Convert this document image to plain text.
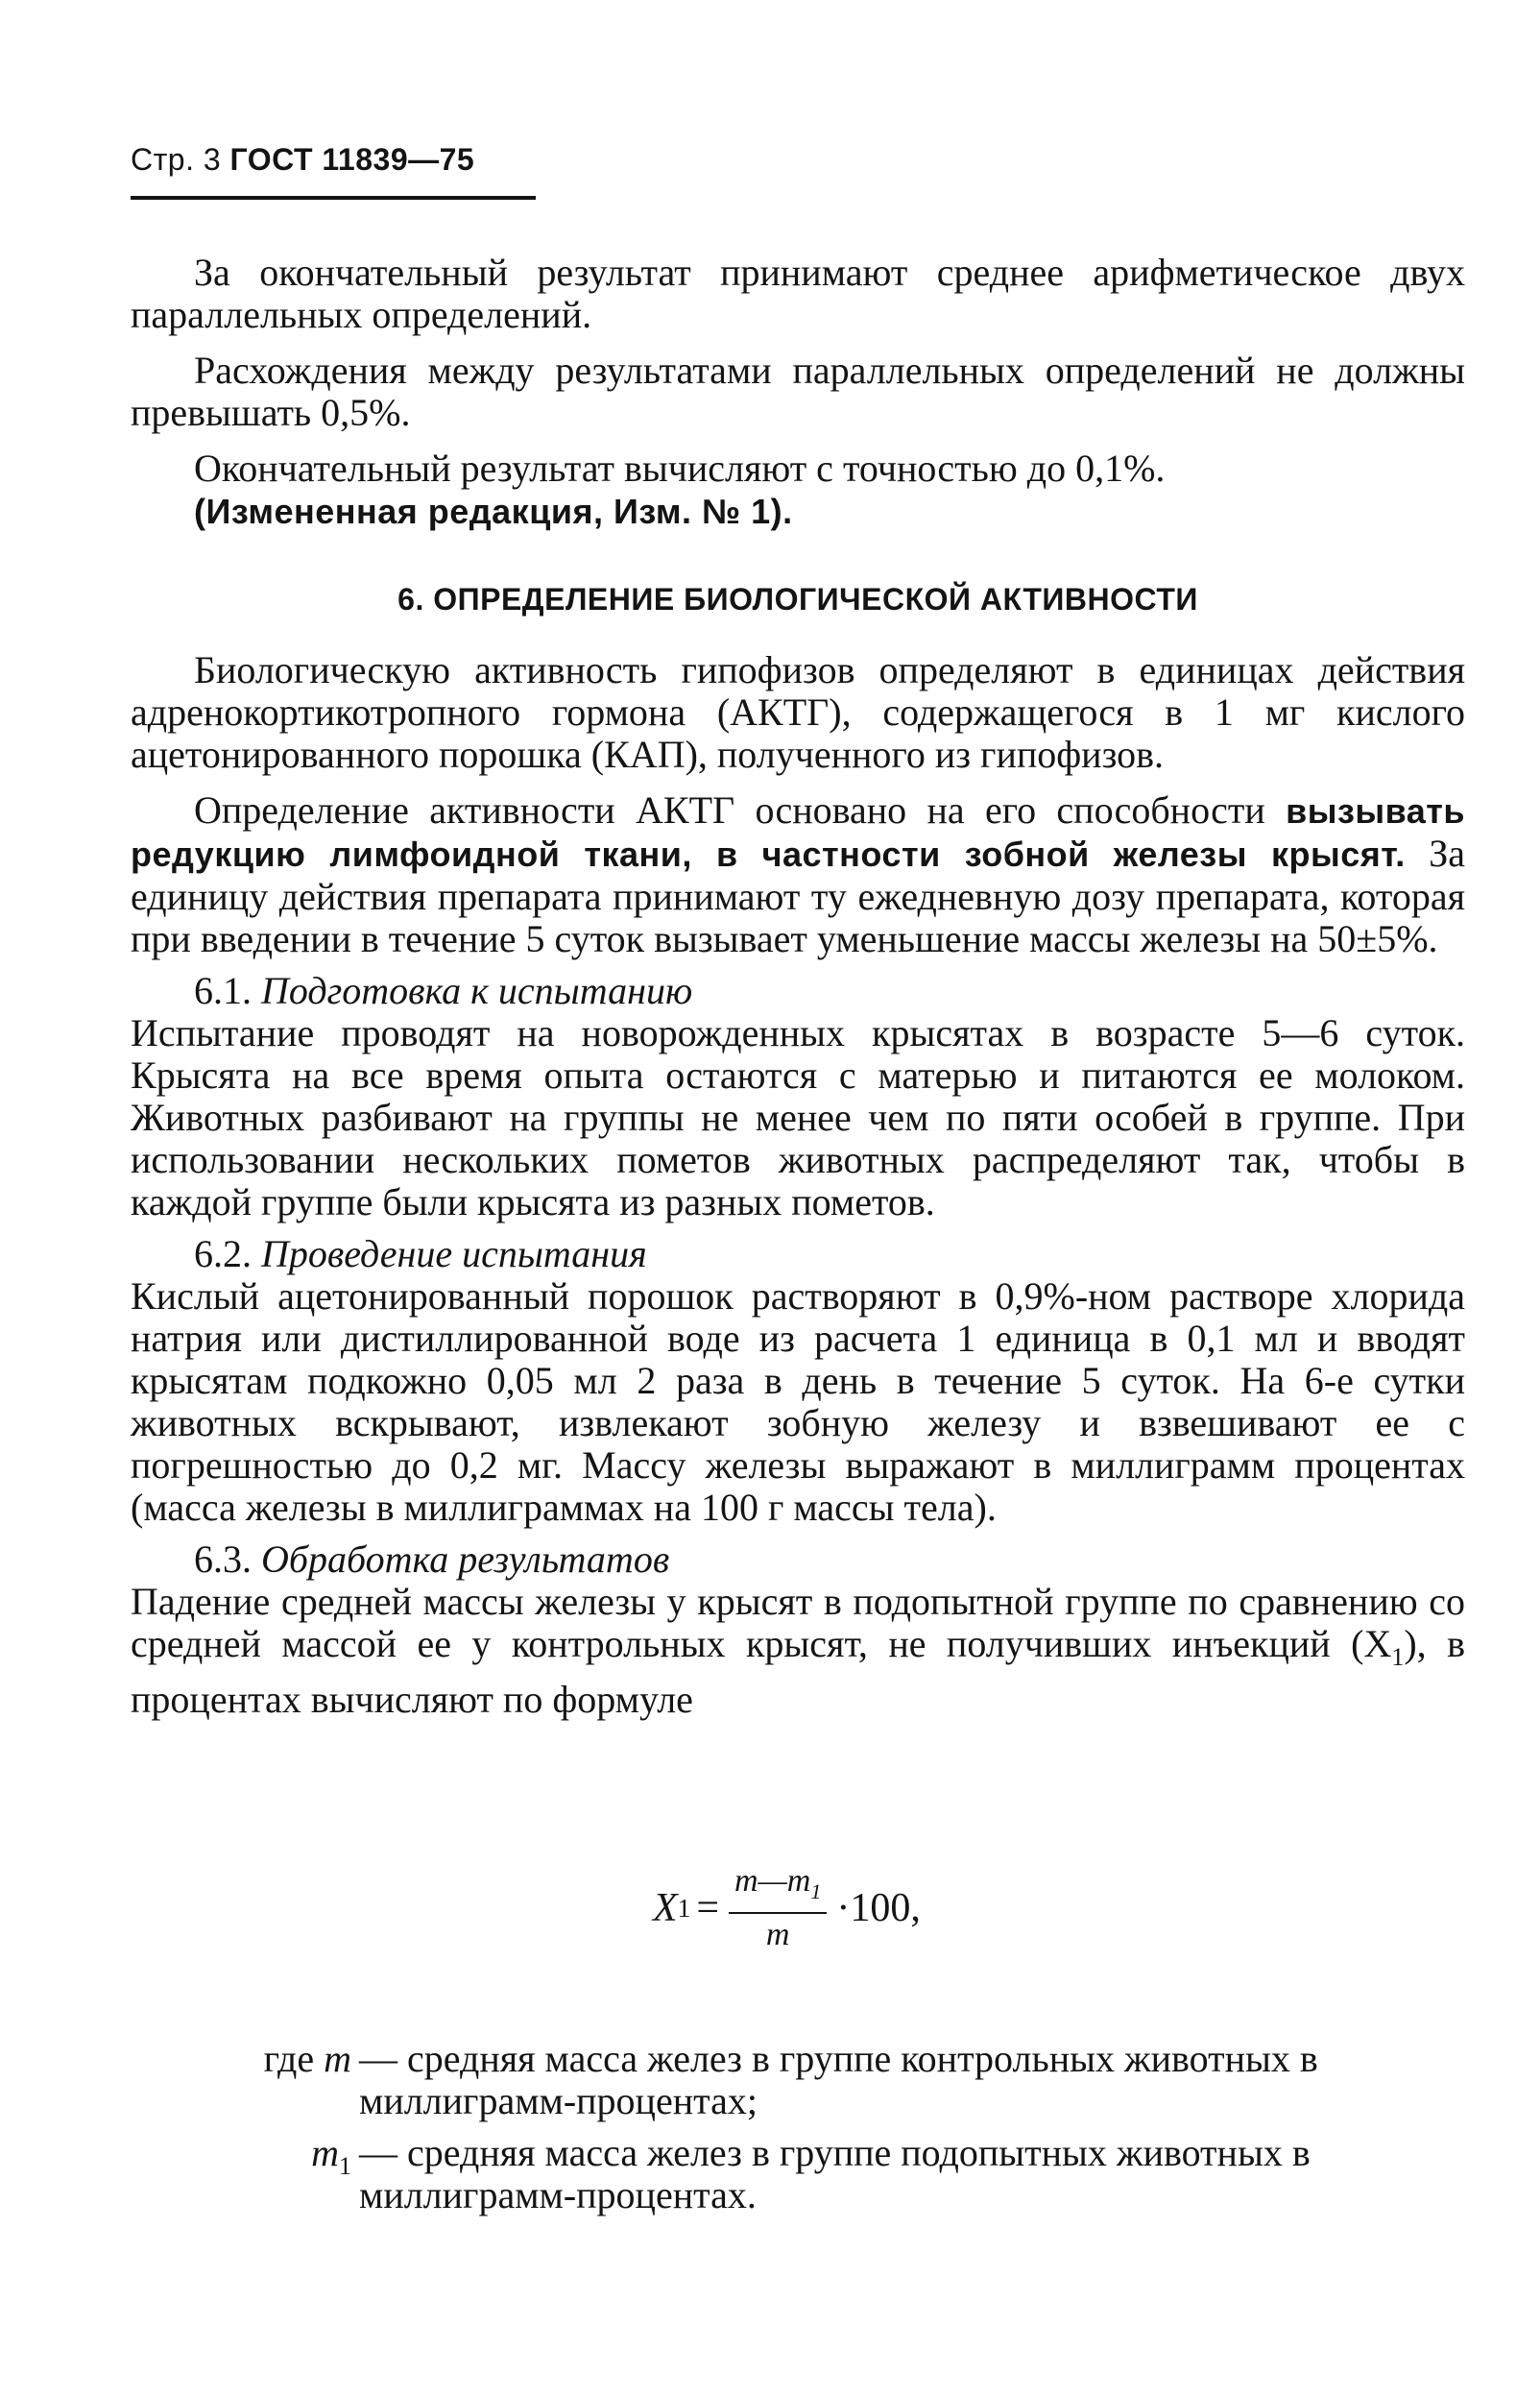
Стр. 3 ГОСТ 11839—75

За окончательный результат принимают среднее арифметическое двух параллельных определений.

Расхождения между результатами параллельных определений не должны превышать 0,5%.

Окончательный результат вычисляют с точностью до 0,1%.

(Измененная редакция, Изм. № 1).

6. ОПРЕДЕЛЕНИЕ БИОЛОГИЧЕСКОЙ АКТИВНОСТИ

Биологическую активность гипофизов определяют в единицах действия адренокортикотропного гормона (АКТГ), содержащегося в 1 мг кислого ацетонированного порошка (КАП), полученного из гипофизов.

Определение активности АКТГ основано на его способности вызывать редукцию лимфоидной ткани, в частности зобной железы крысят. За единицу действия препарата принимают ту ежедневную дозу препарата, которая при введении в течение 5 суток вызывает уменьшение массы железы на 50±5%.

6.1. Подготовка к испытанию

Испытание проводят на новорожденных крысятах в возрасте 5—6 суток. Крысята на все время опыта остаются с матерью и питаются ее молоком. Животных разбивают на группы не менее чем по пяти особей в группе. При использовании нескольких пометов животных распределяют так, чтобы в каждой группе были крысята из разных пометов.

6.2. Проведение испытания

Кислый ацетонированный порошок растворяют в 0,9%-ном растворе хлорида натрия или дистиллированной воде из расчета 1 единица в 0,1 мл и вводят крысятам подкожно 0,05 мл 2 раза в день в течение 5 суток. На 6-е сутки животных вскрывают, извлекают зобную железу и взвешивают ее с погрешностью до 0,2 мг. Массу железы выражают в миллиграмм процентах (масса железы в миллиграммах на 100 г массы тела).

6.3. Обработка результатов

Падение средней массы железы у крысят в подопытной группе по сравнению со средней массой ее у контрольных крысят, не получивших инъекций $(X_1)$, в процентах вычисляют по формуле

X $1 = \frac{m—m_1}{m} \cdot 100$,
где m — средняя масса желез в группе контрольных животных в миллиграмм-процентах;
$m_1$ — средняя масса желез в группе подопытных животных в миллиграмм-процентах.
